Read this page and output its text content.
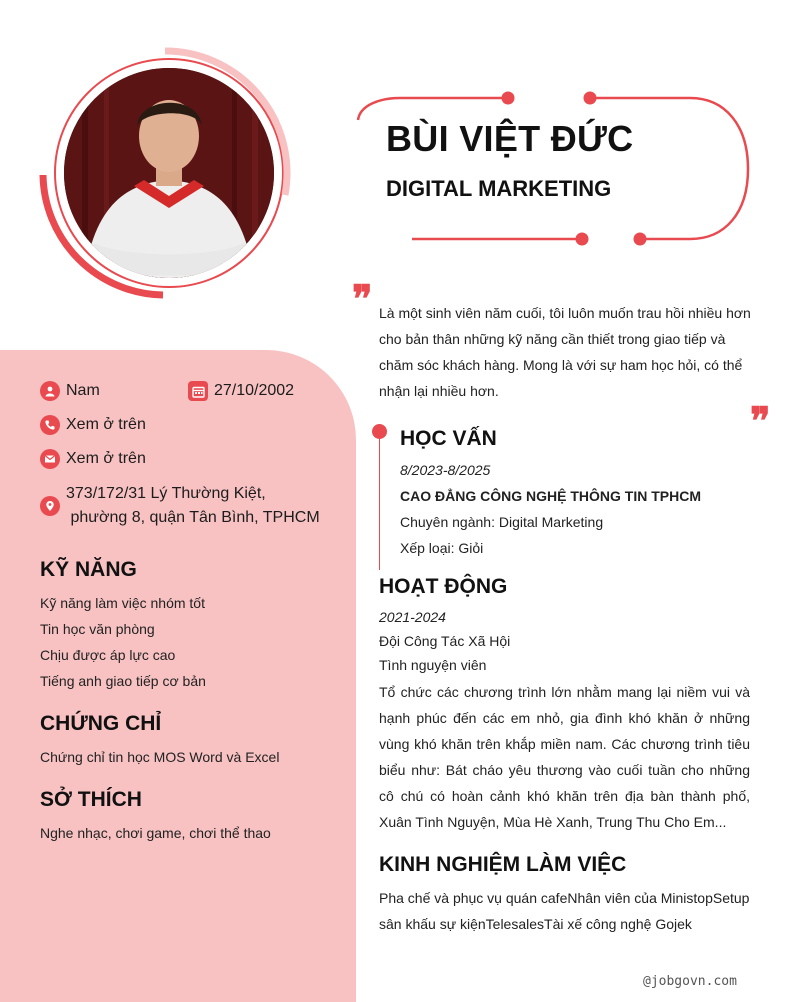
BÙI VIỆT ĐỨC
DIGITAL MARKETING
❞ Là một sinh viên năm cuối, tôi luôn muốn trau hồi nhiều hơn cho bản thân những kỹ năng cần thiết trong giao tiếp và chăm sóc khách hàng. Mong là với sự ham học hỏi, có thể nhận lại nhiều hơn.
❞
Nam	27/10/2002
Xem ở trên
Xem ở trên
373/172/31 Lý Thường Kiệt,
phường 8, quận Tân Bình, TPHCM
KỸ NĂNG
Kỹ năng làm việc nhóm tốt
Tin học văn phòng
Chịu được áp lực cao
Tiếng anh giao tiếp cơ bản
CHỨNG CHỈ
Chứng chỉ tin học MOS Word và Excel
SỞ THÍCH
Nghe nhạc, chơi game, chơi thể thao
HỌC VẤN
8/2023-8/2025
CAO ĐẲNG CÔNG NGHỆ THÔNG TIN TPHCM
Chuyên ngành: Digital Marketing
Xếp loại: Giỏi
HOẠT ĐỘNG
2021-2024
Đội Công Tác Xã Hội
Tình nguyện viên
Tổ chức các chương trình lớn nhằm mang lại niềm vui và hạnh phúc đến các em nhỏ, gia đình khó khăn ở những vùng khó khăn trên khắp miền nam. Các chương trình tiêu biểu như: Bát cháo yêu thương vào cuối tuần cho những cô chú có hoàn cảnh khó khăn trên địa bàn thành phố, Xuân Tình Nguyện, Mùa Hè Xanh, Trung Thu Cho Em...
KINH NGHIỆM LÀM VIỆC
Pha chế và phục vụ quán cafeNhân viên của MinistopSetup sân khấu sự kiệnTelesalesTài xế công nghệ Gojek
@jobgovn.com
